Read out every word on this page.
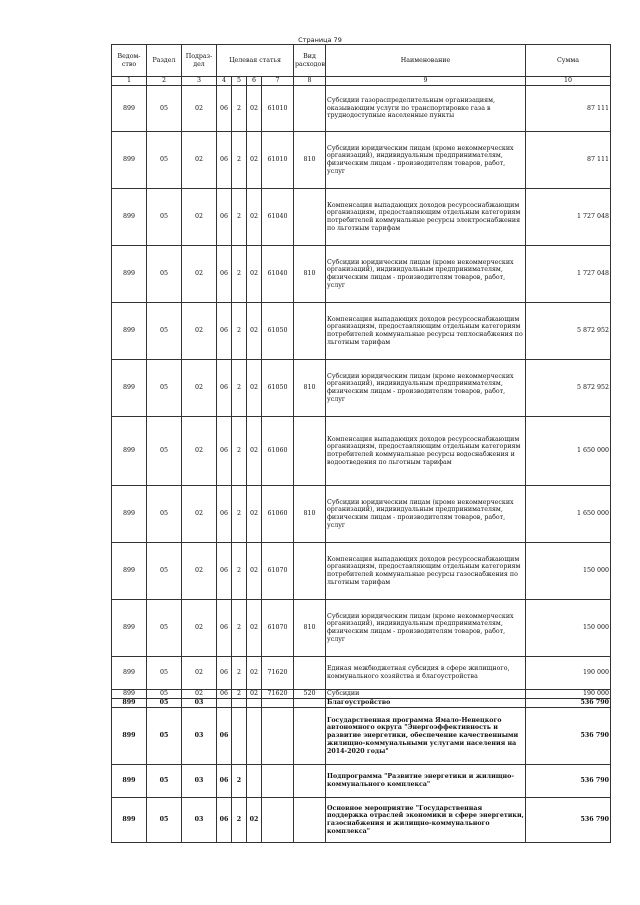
Страница 79
Ведом-ство	Раздел	Подраз-дел	Целевая статья				Вид расходов	Наименование	Сумма
1	2	3	4	5	6	7	8	9	10
899	05	02	06	2	02	61010		Субсидии газораспределительным организациям, оказывающим услуги по транспортировке газа в труднодоступные населенные пункты	87 111
899	05	02	06	2	02	61010	810	Субсидии юридическим лицам (кроме некоммерческих организаций), индивидуальным предпринимателям, физическим лицам - производителям товаров, работ, услуг	87 111
899	05	02	06	2	02	61040		Компенсация выпадающих доходов ресурсоснабжающим организациям, предоставляющим отдельным категориям потребителей коммунальные ресурсы электроснабжения по льготным тарифам	1 727 048
899	05	02	06	2	02	61040	810	Субсидии юридическим лицам (кроме некоммерческих организаций), индивидуальным предпринимателям, физическим лицам - производителям товаров, работ, услуг	1 727 048
899	05	02	06	2	02	61050		Компенсация выпадающих доходов ресурсоснабжающим организациям, предоставляющим отдельным категориям потребителей коммунальные ресурсы теплоснабжения по льготным тарифам	5 872 952
899	05	02	06	2	02	61050	810	Субсидии юридическим лицам (кроме некоммерческих организаций), индивидуальным предпринимателям, физическим лицам - производителям товаров, работ, услуг	5 872 952
899	05	02	06	2	02	61060		Компенсация выпадающих доходов ресурсоснабжающим организациям, предоставляющим отдельным категориям потребителей коммунальные ресурсы водоснабжения и водоотведения по льготным тарифам	1 650 000
899	05	02	06	2	02	61060	810	Субсидии юридическим лицам (кроме некоммерческих организаций), индивидуальным предпринимателям, физическим лицам - производителям товаров, работ, услуг	1 650 000
899	05	02	06	2	02	61070		Компенсация выпадающих доходов ресурсоснабжающим организациям, предоставляющим отдельным категориям потребителей коммунальные ресурсы газоснабжения по льготным тарифам	150 000
899	05	02	06	2	02	61070	810	Субсидии юридическим лицам (кроме некоммерческих организаций), индивидуальным предпринимателям, физическим лицам - производителям товаров, работ, услуг	150 000
899	05	02	06	2	02	71620		Единая межбюджетная субсидия в сфере жилищного, коммунального хозяйства и благоустройства	190 000
899	05	02	06	2	02	71620	520	Субсидии	190 000
899	05	03						Благоустройство	536 790
899	05	03	06					Государственная программа Ямало-Ненецкого автономного округа "Энергоэффективность и развитие энергетики, обеспечение качественными жилищно-коммунальными услугами населения на 2014-2020 годы"	536 790
899	05	03	06	2				Подпрограмма "Развитие энергетики и жилищно-коммунального комплекса"	536 790
899	05	03	06	2	02			Основное мероприятие "Государственная поддержка отраслей экономики в сфере энергетики, газоснабжения и жилищно-коммунального комплекса"	536 790
